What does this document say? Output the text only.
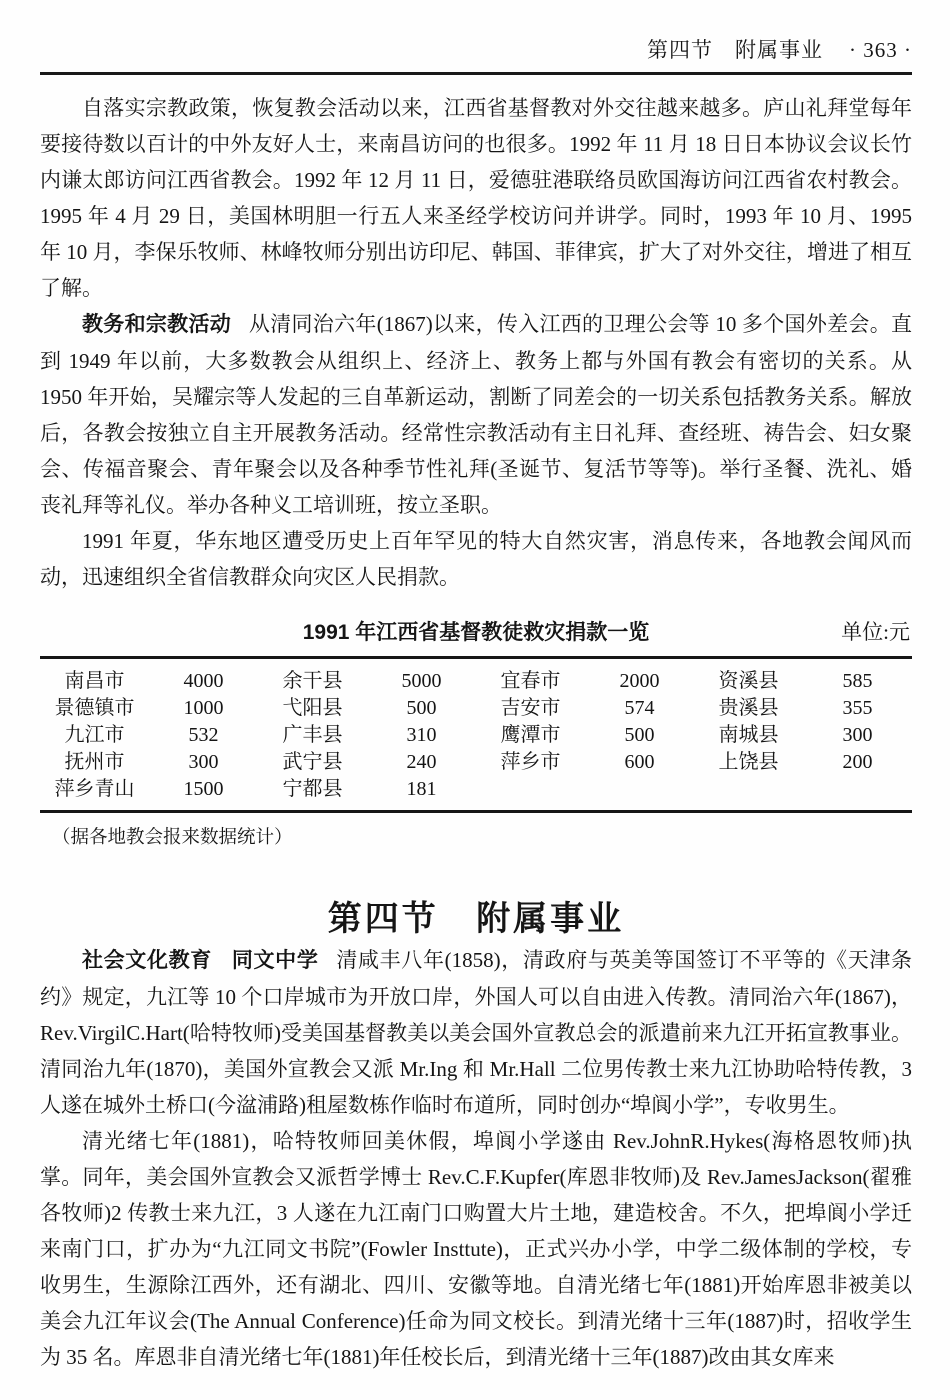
第四节　附属事业 · 363 ·

自落实宗教政策，恢复教会活动以来，江西省基督教对外交往越来越多。庐山礼拜堂每年要接待数以百计的中外友好人士，来南昌访问的也很多。1992 年 11 月 18 日日本协议会议长竹内谦太郎访问江西省教会。1992 年 12 月 11 日，爱德驻港联络员欧国海访问江西省农村教会。1995 年 4 月 29 日，美国林明胆一行五人来圣经学校访问并讲学。同时，1993 年 10 月、1995 年 10 月，李保乐牧师、林峰牧师分别出访印尼、韩国、菲律宾，扩大了对外交往，增进了相互了解。

教务和宗教活动 从清同治六年(1867)以来，传入江西的卫理公会等 10 多个国外差会。直到 1949 年以前，大多数教会从组织上、经济上、教务上都与外国有教会有密切的关系。从 1950 年开始，吴耀宗等人发起的三自革新运动，割断了同差会的一切关系包括教务关系。解放后，各教会按独立自主开展教务活动。经常性宗教活动有主日礼拜、查经班、祷告会、妇女聚会、传福音聚会、青年聚会以及各种季节性礼拜(圣诞节、复活节等等)。举行圣餐、洗礼、婚丧礼拜等礼仪。举办各种义工培训班，按立圣职。

1991 年夏，华东地区遭受历史上百年罕见的特大自然灾害，消息传来，各地教会闻风而动，迅速组织全省信教群众向灾区人民捐款。

1991 年江西省基督教徒救灾捐款一览	单位:元
南昌市	4000	余干县	5000	宜春市	2000	资溪县	585
景德镇市	1000	弋阳县	500	吉安市	574	贵溪县	355
九江市	532	广丰县	310	鹰潭市	500	南城县	300
抚州市	300	武宁县	240	萍乡市	600	上饶县	200
萍乡青山	1500	宁都县	181
（据各地教会报来数据统计）
第四节 附属事业

社会文化教育 同文中学 清咸丰八年(1858)，清政府与英美等国签订不平等的《天津条约》规定，九江等 10 个口岸城市为开放口岸，外国人可以自由进入传教。清同治六年(1867)，Rev.VirgilC.Hart(哈特牧师)受美国基督教美以美会国外宣教总会的派遣前来九江开拓宣教事业。清同治九年(1870)，美国外宣教会又派 Mr.Ing 和 Mr.Hall 二位男传教士来九江协助哈特传教，3 人遂在城外土桥口(今湓浦路)租屋数栋作临时布道所，同时创办“埠阆小学”，专收男生。

清光绪七年(1881)，哈特牧师回美休假，埠阆小学遂由 Rev.JohnR.Hykes(海格恩牧师)执掌。同年，美会国外宣教会又派哲学博士 Rev.C.F.Kupfer(库恩非牧师)及 Rev.JamesJackson(翟雅各牧师)2 传教士来九江，3 人遂在九江南门口购置大片土地，建造校舍。不久，把埠阆小学迁来南门口，扩办为“九江同文书院”(Fowler Insttute)，正式兴办小学，中学二级体制的学校，专收男生，生源除江西外，还有湖北、四川、安徽等地。自清光绪七年(1881)开始库恩非被美以美会九江年议会(The Annual Conference)任命为同文校长。到清光绪十三年(1887)时，招收学生为 35 名。库恩非自清光绪七年(1881)年任校长后，到清光绪十三年(1887)改由其女库来
